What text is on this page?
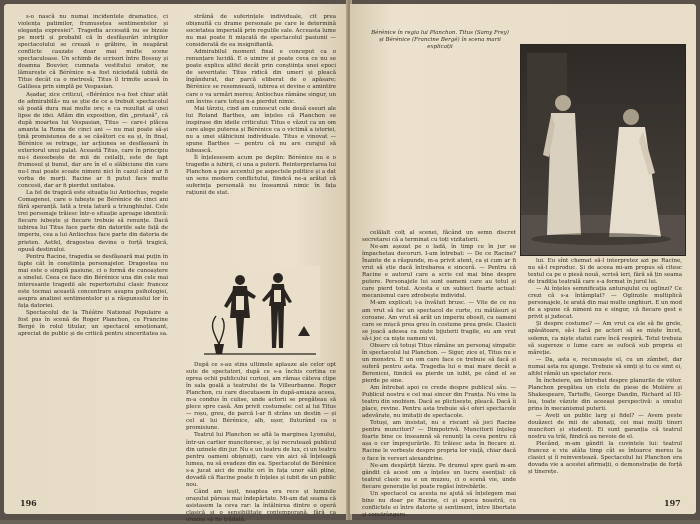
s-o nască nu numai incidentele dramatice, ci violența patimilor, frumusețea sentimentelor și eleganța expresiei”. Tragedia accesată nu se bizuie pe morți și probabil că în desfășurări intrigilor spectacolului se crează o grăbire, în neapărat conflicte cauzate doar mai multe scene spectaculoase. Un schimb de scrisori între Bossuy și doamna Bouvier, cumnata vestitului orator, ne lămurește că Bérénice n-a fost niciodată iubită de Titus decât ca o metresă; Titus îl trimite acasă în Galileea prin simplă pe Vespasian.

Așadar, zice criticul, «Bérénice n-a fost chiar atât de admirabilă» nu se știe de ce a trebuit spectacolul să poată dura mai multe ore; e ca rezultat al unei lipse de idei. Aflăm din exposition, din „protasă”, că după moartea lui Vespasian, Titus — care-i plăcea amanta la Roma de cinci ani — nu mai poate să-și țină promisiunea de a se căsători cu ea și, în final, Bérénice se retrage, iar acțiunea se desfășoară în exteriorul unui palat. Această Titus, care în principiu nu-i deosebește de mii de ceilalți, este de fapt frumosul și bunul, dar are în el o slăbiciune din care nu-l mai poate scoate nimeni nici în cazul când ar fi vorba de morți. Racine ar fi putut face multe concesii, dar ar fi pierdut unitatea.

La fel de tragică este situația lui Antiochus, regele Comagenei, care o iubește pe Bérénice de cinci ani fără speranță. Iată a treia latură a triunghiului. Cele trei personaje trăiesc într-o situație aproape identică: fiecare iubește și fiecare trebuie să renunțe. Dacă iubirea lui Titus face parte din datoriile sale față de imperiu, cea a lui Antiochus face parte din datoria de prieten. Astfel, dragostea devine o forță tragică, opusă destinului.

Pentru Racine, tragedia se desfășoară mai puțin în fapte cât în conștiința personajelor. Dragostea nu mai este o simplă pasiune, ci o formă de cunoaștere a sinelui. Ceea ce face din Bérénice una din cele mai interesante tragedii ale repertoriului clasic francez este tocmai această concentrare asupra psihologiei, asupra analizei sentimentelor și a răspunsului lor în fața datoriei.

Spectacolul de la Théâtre National Populaire a fost pus în scenă de Roger Planchon, cu Francine Bergé în rolul titular, un spectacol emoționant, apreciat de public și de critică pentru sinceritatea sa.

străină de suferințele individuale, cit prea obișnuită cu drame personale pe care le determină societatea imperială prin regulile sale. Acceasta lume nu mai poate fi mișcată de spectacolul pasiunii — considerată de ea insignifiantă.

Admirabilul moment final e conceput ca o renunțare lucidă. E o uimire și poate ceva ce nu se poate explica altfel decât prin conștiința unei epoci de severitate: Titus ridică din umeri și pleacă îngândurat, dar parcă eliberat de o apăsare; Bérénice se resemnează, iubirea ei devine o amintire care o va urmări mereu; Antiochus rămâne singur, un om învins care totuși n-a pierdut nimic.

Mai târziu, cind am cunoscut cele două eseuri ale lui Roland Barthes, am înțeles că Planchon se inspirase din ideile criticului: Titus e văzut ca un om care alege puterea și Bérénice ca o victimă a istoriei, nu a unei slăbiciuni individuale. Titus e vinovat — spune Barthes — pentru că nu are curajul să iubească.

Îl înțelesesem acum pe deplin: Bérénice nu e o tragedie a iubirii, ci una a puterii. Reinterpretarea lui Planchon a pus accentul pe aspectele politice și a dat un sens modern conflictului, fiindcă ne-a arătat că suferința personală nu înseamnă nimic în fața rațiunii de stat.

După ce s-au stins ultimele aplauze ale celor opt sute de spectatori, după ce s-a închis cortina ce oprea ochii publicului curioși, am rămas câteva clipe în sala goală a teatrului de la Villeurbanne. Roger Planchon, cu care discutasem în după-amiaza aceea, m-a condus în culise, unde actorii se pregăteau să plece spre casă. Am privit costumele: cel al lui Titus — roșu, greu, de parcă l-ar fi strâns un destin — și cel al lui Bérénice, alb, ușor, fluturând ca o promisiune.

Teatrul lui Planchon se află la marginea Lyonului, într-un cartier muncitoresc, și își recrutează publicul din uzinele din jur. Nu e un teatru de lux, ci un teatru pentru oameni obișnuiți, care vin aici să înțeleagă lumea, nu să evadeze din ea. Spectacolul de Bérénice s-a jucat aici de multe ori în fața unor săli pline, dovadă că Racine poate fi înțeles și iubit de un public nou.

Când am ieșit, noaptea era rece și luminile orașului păreau mai îndepărtate. Mi-am dat seama că asistasem la ceva rar: la întâlnirea dintre o operă clasică și o sensibilitate contemporană, fără ca vreuna să fie trădată.

196
Bérénice în regia lui Planchon. Titus (Samy Frey) și Bérénice (Francine Bergé) în scena marii explicații

celălalt colț al scenei, făcând un semn discret secretarei că a terminat cu toți vizitatorii.

Ne-am așezat pe o ladă, în timp ce în jur se împachetau decoruri. I-am întrebat: — De ce Racine? Înainte de a răspunde, m-a privit atent, ca și cum ar fi vrut să știe dacă întrebarea e sinceră. — Pentru că Racine e autorul care a scris cel mai bine despre putere. Personajele lui sunt oameni care au totul și care pierd totul. Acesta e un subiect foarte actual: mecanismul care zdrobește individul.

M-am explicat; i-a învăluit brusc. — Vite de ce nu am vrut să fac un spectacol de curte, cu mătăsuri și coroane. Am vrut să arăt un imperiu obosit, cu oameni care se mișcă prea greu în costume prea grele. Clasicii se joacă adesea ca niște bijuterii fragile, eu am vrut să-i joc ca niște oameni vii.

Observ că totuși Titus rămâne un personaj simpatic în spectacolul lui Planchon. — Sigur, zice el, Titus nu e un monstru. E un om care face ce trebuie să facă și suferă pentru asta. Tragedia lui e mai mare decât a Berenicei, fiindcă ea pierde un iubit, pe când el se pierde pe sine.

Am întrebat apoi ce crede despre publicul său. — Publicul nostru e cel mai sincer din Franța. Nu vine la teatru din snobism. Dacă se plictisește, pleacă. Dacă îi place, revine. Pentru asta trebuie să-i oferi spectacole adevărate, nu imitații de spectacole.

Totuși, am insistat, nu e riscant să joci Racine pentru muncitori? — Dimpotrivă. Muncitorii înțeleg foarte bine ce înseamnă să renunți la ceva pentru că așa o cer împrejurările. Ei trăiesc asta în fiecare zi. Racine le vorbește despre propria lor viață, chiar dacă o face în versuri alexandrine.

Ne-am despărțit târziu. Pe drumul spre gară m-am gândit că acest om a înțeles un lucru esențial: că teatrul clasic nu e un muzeu, ci o scenă vie, unde fiecare generație își poate regăsi întrebările.

Un spectacol ca acesta ne ajută să înțelegem mai bine nu doar pe Racine, ci și epoca noastră, cu conflictele ei între datorie și sentiment, între libertate și constrângere.

lui. Eu sînt chemat să-l interpretez azi pe Racine, nu să-l reproduc. Și de aceea mi-am propus să citesc textul ca pe o piesă nouă, scrisă ieri, fără să țin seama de tradiția teatrală care s-a format în jurul lui.

— Ai înțeles semnificația anturajului cu oglinzi? Ce crezi că s-a întâmplat? — Oglinzile multiplică personajele, le arată din mai multe unghiuri. E un mod de a spune că nimeni nu e singur, că fiecare gest e privit și judecat.

Și despre costume? — Am vrut ca ele să fie grele, apăsătoare, să-i facă pe actori să se miște încet, solemn, ca niște statui care încă respiră. Totul trebuia să sugereze o lume care se sufocă sub propria ei măreție.

— Da, asta e, recunoaște el, cu un zâmbet, dar numai asta nu ajunge. Trebuie să simți și tu ce simt ei, altfel rămâi un spectator rece.

În încheiere, am întrebat despre planurile de viitor. Planchon pregătea un ciclu de piese de Molière și Shakespeare, Tartuffe, George Dandin, Richard al III-lea, toate văzute din aceeași perspectivă: a omului prins în mecanismul puterii.

— Aveți un public larg și fidel? — Avem peste douăzeci de mii de abonați, cei mai mulți tineri muncitori și studenți. Ei sunt garanția că teatrul nostru va trăi, fiindcă au nevoie de el.

Plecând, m-am gândit la cuvintele lui: teatrul francez e viu atâta timp cât se întoarce mereu la clasici și îi reinventează. Spectacolul lui Planchon era dovada vie a acestei afirmații, o demonstrație de forță și tinerețe.

197
